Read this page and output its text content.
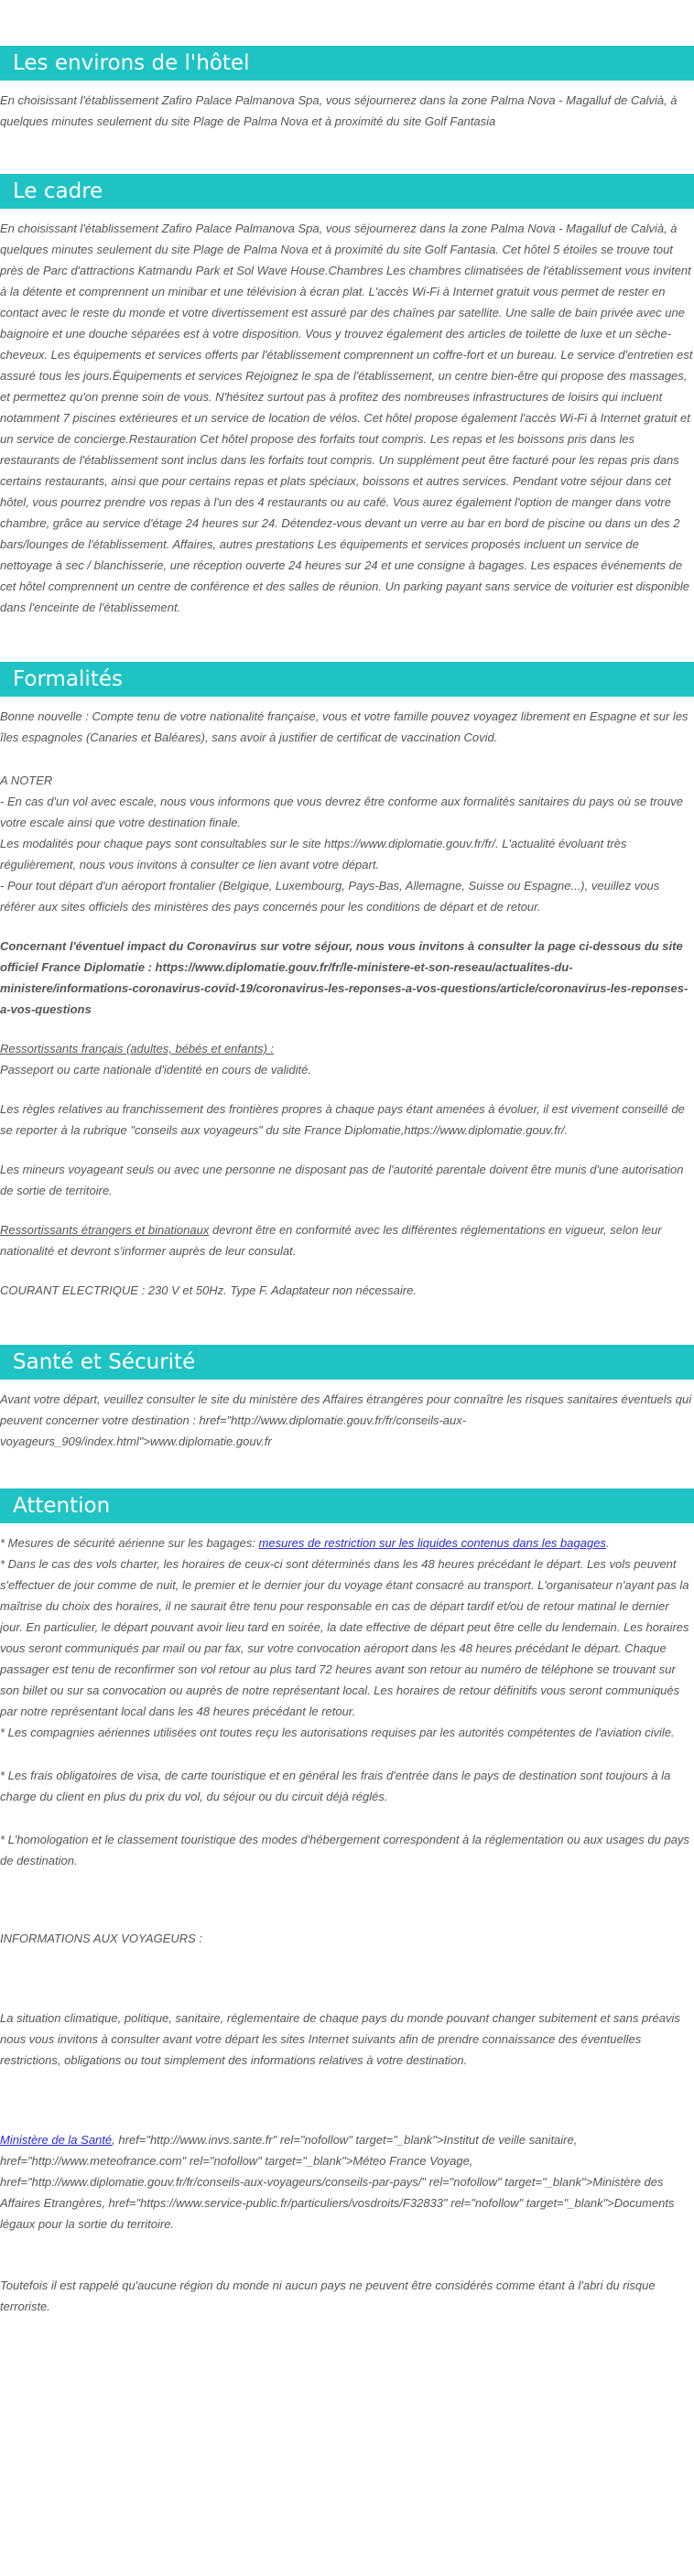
Les environs de l'hôtel

En choisissant l'établissement Zafiro Palace Palmanova Spa, vous séjournerez dans la zone Palma Nova - Magalluf de Calvià, à quelques minutes seulement du site Plage de Palma Nova et à proximité du site Golf Fantasia

Le cadre

En choisissant l'établissement Zafiro Palace Palmanova Spa, vous séjournerez dans la zone Palma Nova - Magalluf de Calvià, à quelques minutes seulement du site Plage de Palma Nova et à proximité du site Golf Fantasia. Cet hôtel 5 étoiles se trouve tout près de Parc d'attractions Katmandu Park et Sol Wave House.Chambres Les chambres climatisées de l'établissement vous invitent à la détente et comprennent un minibar et une télévision à écran plat. L'accès Wi-Fi à Internet gratuit vous permet de rester en contact avec le reste du monde et votre divertissement est assuré par des chaînes par satellite. Une salle de bain privée avec une baignoire et une douche séparées est à votre disposition. Vous y trouvez également des articles de toilette de luxe et un sèche-cheveux. Les équipements et services offerts par l'établissement comprennent un coffre-fort et un bureau. Le service d'entretien est assuré tous les jours.Équipements et services Rejoignez le spa de l'établissement, un centre bien-être qui propose des massages, et permettez qu'on prenne soin de vous. N'hésitez surtout pas à profitez des nombreuses infrastructures de loisirs qui incluent notamment 7 piscines extérieures et un service de location de vélos. Cet hôtel propose également l'accès Wi-Fi à Internet gratuit et un service de concierge.Restauration Cet hôtel propose des forfaits tout compris. Les repas et les boissons pris dans les restaurants de l'établissement sont inclus dans les forfaits tout compris. Un supplément peut être facturé pour les repas pris dans certains restaurants, ainsi que pour certains repas et plats spéciaux, boissons et autres services. Pendant votre séjour dans cet hôtel, vous pourrez prendre vos repas à l'un des 4 restaurants ou au café. Vous aurez également l'option de manger dans votre chambre, grâce au service d'étage 24 heures sur 24. Détendez-vous devant un verre au bar en bord de piscine ou dans un des 2 bars/lounges de l'établissement. Affaires, autres prestations Les équipements et services proposés incluent un service de nettoyage à sec / blanchisserie, une réception ouverte 24 heures sur 24 et une consigne à bagages. Les espaces événements de cet hôtel comprennent un centre de conférence et des salles de réunion. Un parking payant sans service de voiturier est disponible dans l'enceinte de l'établissement.

Formalités

Bonne nouvelle : Compte tenu de votre nationalité française, vous et votre famille pouvez voyagez librement en Espagne et sur les îles espagnoles (Canaries et Baléares), sans avoir à justifier de certificat de vaccination Covid.

A NOTER

- En cas d'un vol avec escale, nous vous informons que vous devrez être conforme aux formalités sanitaires du pays où se trouve votre escale ainsi que votre destination finale.

Les modalités pour chaque pays sont consultables sur le site https://www.diplomatie.gouv.fr/fr/. L'actualité évoluant très régulièrement, nous vous invitons à consulter ce lien avant votre départ.

- Pour tout départ d'un aéroport frontalier (Belgique, Luxembourg, Pays-Bas, Allemagne, Suisse ou Espagne...), veuillez vous référer aux sites officiels des ministères des pays concernés pour les conditions de départ et de retour.

Concernant l'éventuel impact du Coronavirus sur votre séjour, nous vous invitons à consulter la page ci-dessous du site officiel France Diplomatie : https://www.diplomatie.gouv.fr/fr/le-ministere-et-son-reseau/actualites-du-ministere/informations-coronavirus-covid-19/coronavirus-les-reponses-a-vos-questions/article/coronavirus-les-reponses-a-vos-questions

Ressortissants français (adultes, bébés et enfants) :

Passeport ou carte nationale d'identité en cours de validité.

Les règles relatives au franchissement des frontières propres à chaque pays étant amenées à évoluer, il est vivement conseillé de se reporter à la rubrique "conseils aux voyageurs" du site France Diplomatie,https://www.diplomatie.gouv.fr/.

Les mineurs voyageant seuls ou avec une personne ne disposant pas de l'autorité parentale doivent être munis d'une autorisation de sortie de territoire.

Ressortissants étrangers et binationaux devront être en conformité avec les différentes réglementations en vigueur, selon leur nationalité et devront s'informer auprès de leur consulat.

COURANT ELECTRIQUE : 230 V et 50Hz. Type F. Adaptateur non nécessaire.

Santé et Sécurité

Avant votre départ, veuillez consulter le site du ministère des Affaires étrangères pour connaître les risques sanitaires éventuels qui peuvent concerner votre destination : href="http://www.diplomatie.gouv.fr/fr/conseils-aux-voyageurs_909/index.html">www.diplomatie.gouv.fr

Attention

* Mesures de sécurité aérienne sur les bagages: mesures de restriction sur les liquides contenus dans les bagages.

* Dans le cas des vols charter, les horaires de ceux-ci sont déterminés dans les 48 heures précédant le départ. Les vols peuvent s'effectuer de jour comme de nuit, le premier et le dernier jour du voyage étant consacré au transport. L'organisateur n'ayant pas la maîtrise du choix des horaires, il ne saurait être tenu pour responsable en cas de départ tardif et/ou de retour matinal le dernier jour. En particulier, le départ pouvant avoir lieu tard en soirée, la date effective de départ peut être celle du lendemain. Les horaires vous seront communiqués par mail ou par fax, sur votre convocation aéroport dans les 48 heures précédant le départ. Chaque passager est tenu de reconfirmer son vol retour au plus tard 72 heures avant son retour au numéro de téléphone se trouvant sur son billet ou sur sa convocation ou auprès de notre représentant local. Les horaires de retour définitifs vous seront communiqués par notre représentant local dans les 48 heures précédant le retour.

* Les compagnies aériennes utilisées ont toutes reçu les autorisations requises par les autorités compétentes de l'aviation civile.

* Les frais obligatoires de visa, de carte touristique et en général les frais d'entrée dans le pays de destination sont toujours à la charge du client en plus du prix du vol, du séjour ou du circuit déjà réglés.

* L'homologation et le classement touristique des modes d'hébergement correspondent à la réglementation ou aux usages du pays de destination.

INFORMATIONS AUX VOYAGEURS :

La situation climatique, politique, sanitaire, réglementaire de chaque pays du monde pouvant changer subitement et sans préavis

nous vous invitons à consulter avant votre départ les sites Internet suivants afin de prendre connaissance des éventuelles restrictions, obligations ou tout simplement des informations relatives à votre destination.

Ministère de la Santé, href="http://www.invs.sante.fr" rel="nofollow" target="_blank">Institut de veille sanitaire, href="http://www.meteofrance.com" rel="nofollow" target="_blank">Méteo France Voyage, href="http://www.diplomatie.gouv.fr/fr/conseils-aux-voyageurs/conseils-par-pays/" rel="nofollow" target="_blank">Ministère des Affaires Etrangères, href="https://www.service-public.fr/particuliers/vosdroits/F32833" rel="nofollow" target="_blank">Documents légaux pour la sortie du territoire.

Toutefois il est rappelé qu'aucune région du monde ni aucun pays ne peuvent être considérés comme étant à l'abri du risque terroriste.
